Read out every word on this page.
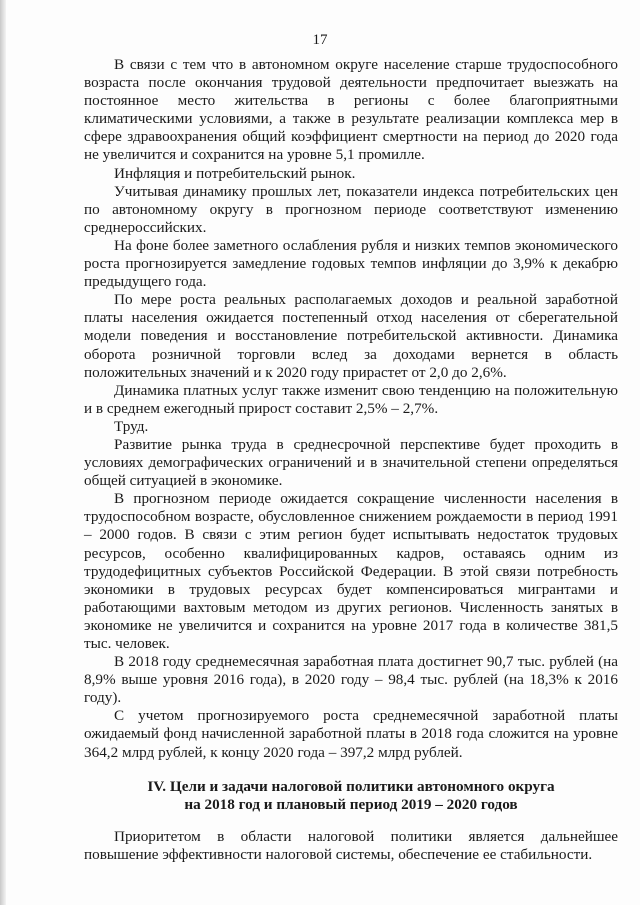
17

В связи с тем что в автономном округе население старше трудоспособного возраста после окончания трудовой деятельности предпочитает выезжать на постоянное место жительства в регионы с более благоприятными климатическими условиями, а также в результате реализации комплекса мер в сфере здравоохранения общий коэффициент смертности на период до 2020 года не увеличится и сохранится на уровне 5,1 промилле.

Инфляция и потребительский рынок.

Учитывая динамику прошлых лет, показатели индекса потребительских цен по автономному округу в прогнозном периоде соответствуют изменению среднероссийских.

На фоне более заметного ослабления рубля и низких темпов экономического роста прогнозируется замедление годовых темпов инфляции до 3,9% к декабрю предыдущего года.

По мере роста реальных располагаемых доходов и реальной заработной платы населения ожидается постепенный отход населения от сберегательной модели поведения и восстановление потребительской активности. Динамика оборота розничной торговли вслед за доходами вернется в область положительных значений и к 2020 году прирастет от 2,0 до 2,6%.

Динамика платных услуг также изменит свою тенденцию на положительную и в среднем ежегодный прирост составит 2,5% – 2,7%.

Труд.

Развитие рынка труда в среднесрочной перспективе будет проходить в условиях демографических ограничений и в значительной степени определяться общей ситуацией в экономике.

В прогнозном периоде ожидается сокращение численности населения в трудоспособном возрасте, обусловленное снижением рождаемости в период 1991 – 2000 годов. В связи с этим регион будет испытывать недостаток трудовых ресурсов, особенно квалифицированных кадров, оставаясь одним из трудодефицитных субъектов Российской Федерации. В этой связи потребность экономики в трудовых ресурсах будет компенсироваться мигрантами и работающими вахтовым методом из других регионов. Численность занятых в экономике не увеличится и сохранится на уровне 2017 года в количестве 381,5 тыс. человек.

В 2018 году среднемесячная заработная плата достигнет 90,7 тыс. рублей (на 8,9% выше уровня 2016 года), в 2020 году – 98,4 тыс. рублей (на 18,3% к 2016 году).

С учетом прогнозируемого роста среднемесячной заработной платы ожидаемый фонд начисленной заработной платы в 2018 года сложится на уровне 364,2 млрд рублей, к концу 2020 года – 397,2 млрд рублей.

IV. Цели и задачи налоговой политики автономного округа
на 2018 год и плановый период 2019 – 2020 годов

Приоритетом в области налоговой политики является дальнейшее повышение эффективности налоговой системы, обеспечение ее стабильности.
